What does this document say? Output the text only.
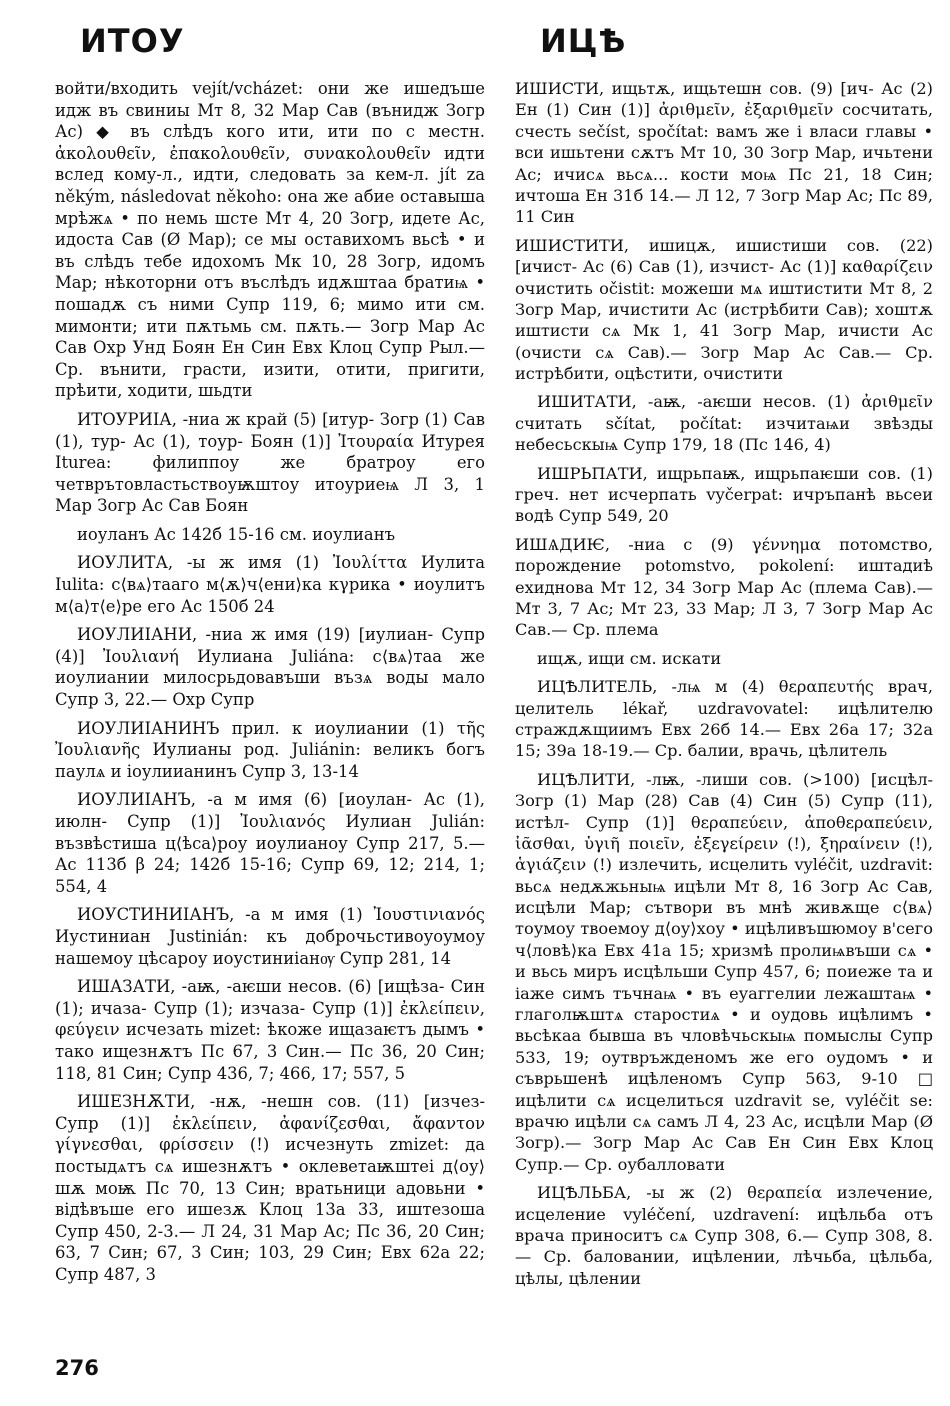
ИТОУ	ИЦѢ

войти/входить vejít/vcházet: они же ишедъше идж въ свиниы Мт 8, 32 Мар Сав (вънидж Зогр Ас) ◆ въ слѣдъ кого ити, ити по с местн. ἀκολουθεῖν, ἐπακολουθεῖν, συνακολουθεῖν идти вслед кому-л., идти, следовать за кем-л. jít za někým, následovat někoho: она же абие оставыша мрѣжѧ • по немь шсте Мт 4, 20 Зогр, идете Ас, идоста Сав (Ø Мар); се мы оставихомъ вьсѣ • и въ слѣдъ тебе идохомъ Мк 10, 28 Зогр, идомъ Мар; нѣкоторни отъ въслѣдъ идѫштаа братиѩ • пошадѫ съ ними Супр 119, 6; мимо ити см. мимонти; ити пѫтьмь см. пѫть.— Зогр Мар Ас Сав Охр Унд Боян Ен Син Евх Клоц Супр Рыл.— Ср. вънити, грасти, изити, отити, пригити, прѣити, ходити, шьдти

ИТОУРИІА, -ниа ж край (5) [итур- Зогр (1) Сав (1), тур- Ас (1), тоур- Боян (1)] Ἰτουραία Итурея Iturea: филиппоу же братроу его четврътовластьствоуѭштоу итоуриеѩ Л 3, 1 Мар Зогр Ас Сав Боян

иоуланъ Ас 142б 15-16 см. иоулианъ

ИОУЛИТА, -ы ж имя (1) Ἰουλίττα Иулита Iulita: с⟨вѧ⟩тааго м⟨ѫ⟩ч⟨ени⟩ка кγрика • иоулитъ м⟨а⟩т⟨е⟩ре его Ас 150б 24

ИОУЛИІАНИ, -ниа ж имя (19) [иулиан- Супр (4)] Ἰουλιανή Иулиана Juliána: с⟨вѧ⟩таа же иоулиании милосрьдовавъши възѧ воды мало Супр 3, 22.— Охр Супр

ИОУЛИІАНИНЪ прил. к иоулиании (1) τῆς Ἰουλιανῆς Иулианы род. Juliánin: великъ богъ паулѧ и іоулиианинъ Супр 3, 13-14

ИОУЛИІАНЪ, -а м имя (6) [иоулан- Ас (1), июлн- Супр (1)] Ἰουλιανός Иулиан Julián: възвѣстиша ц⟨ѣса⟩роу иоулианоу Супр 217, 5.— Ас 113б β 24; 142б 15-16; Супр 69, 12; 214, 1; 554, 4

ИОУСТИНИІАНЪ, -а м имя (1) Ἰουστινιανός Иустиниан Justinián: къ доброчьстивоуоумоу нашемоу цѣсароу иоустиниіанѹ Супр 281, 14

ИШАЗАТИ, -аѭ, -аѥши несов. (6) [ищѣза- Син (1); ичаза- Супр (1); изчаза- Супр (1)] ἐκλείπειν, φεύγειν исчезать mizet: ѣкоже ищазаѥтъ дымъ • тако ищезнѫтъ Пс 67, 3 Син.— Пс 36, 20 Син; 118, 81 Син; Супр 436, 7; 466, 17; 557, 5

ИШЕЗНѪТИ, -нѫ, -нешн сов. (11) [изчез- Супр (1)] ἐκλείπειν, ἀφανίζεσθαι, ἄφαντον γίγνεσθαι, φρίσσειν (!) исчезнуть zmizet: да постыдѧтъ сѧ ишезнѫтъ • оклеветаѭштеі д⟨оу⟩шѫ моѭ Пс 70, 13 Син; вратьници адовьни • вiдѣвъше его ишезѫ Клоц 13а 33, иштезоша Супр 450, 2-3.— Л 24, 31 Мар Ас; Пс 36, 20 Син; 63, 7 Син; 67, 3 Син; 103, 29 Син; Евх 62а 22; Супр 487, 3

ИШИСТИ, ищьтѫ, ищьтешн сов. (9) [ич- Ас (2) Ен (1) Син (1)] ἀριθμεῖν, ἐξαριθμεῖν сосчитать, счесть sečíst, spočítat: вамъ же і власи главы • вси ишьтени сѫтъ Мт 10, 30 Зогр Мар, ичьтени Ас; ичисѧ вьсѧ... кости моѩ Пс 21, 18 Син; ичтоша Ен 31б 14.— Л 12, 7 Зогр Мар Ас; Пс 89, 11 Син

ИШИСТИТИ, ишицѫ, ишистиши сов. (22) [ичист- Ас (6) Сав (1), изчист- Ас (1)] καθαρίζειν очистить očistit: можеши мѧ иштистити Мт 8, 2 Зогр Мар, ичистити Ас (истрѣбити Сав); хоштѫ иштисти сѧ Мк 1, 41 Зогр Мар, ичисти Ас (очисти сѧ Сав).— Зогр Мар Ас Сав.— Ср. истрѣбити, оцѣстити, очистити

ИШИТАТИ, -аѭ, -аѥши несов. (1) ἀριθμεῖν считать sčítat, počítat: изчитаѩи звѣзды небесьскыѩ Супр 179, 18 (Пс 146, 4)

ИШРЬПАТИ, ищрьпаѭ, ищрьпаѥши сов. (1) греч. нет исчерпать vyčerpat: ичръпанѣ вьсеи водѣ Супр 549, 20

ИШѦДИѤ, -ниа с (9) γέννημα потомство, порождение potomstvo, pokolení: иштадиѣ ехиднова Мт 12, 34 Зогр Мар Ас (плема Сав).— Мт 3, 7 Ас; Мт 23, 33 Мар; Л 3, 7 Зогр Мар Ас Сав.— Ср. плема

ищѫ, ищи см. искати

ИЦѢЛИТЕЛЬ, -лѩ м (4) θεραπευτής врач, целитель lékař, uzdravovatel: ицѣлителю страждѫщиимъ Евх 26б 14.— Евх 26а 17; 32а 15; 39а 18-19.— Ср. балии, врачь, цѣлитель

ИЦѢЛИТИ, -лѭ, -лиши сов. (>100) [исцѣл- Зогр (1) Мар (28) Сав (4) Син (5) Супр (11), истѣл- Супр (1)] θεραπεύειν, ἀποθεραπεύειν, ἰᾶσθαι, ὑγιῆ ποιεῖν, ἐξεγείρειν (!), ξηραίνειν (!), ἁγιάζειν (!) излечить, исцелить vyléčit, uzdravit: вьсѧ недѫжьныѩ ицѣли Мт 8, 16 Зогр Ас Сав, исцѣли Мар; сътвори въ мнѣ живѫще с⟨вѧ⟩тоумоу твоемоу д⟨оу⟩хоу • ицѣливъшюмоу в'сего ч⟨ловѣ⟩ка Евх 41а 15; хризмѣ пролиѩвъши сѧ • и вьсь миръ исцѣльши Супр 457, 6; поиеже та и іаже симъ тъчнаѩ • въ еуаггелии лежаштаѩ • глаголѭштѧ старостиѧ • и оудовь ицѣлимъ • вьсѣкаа бывша въ чловѣчьскыѩ помыслы Супр 533, 19; оутвръжденомъ же его оудомъ • и съврьшенѣ ицѣленомъ Супр 563, 9-10 □ ицѣлити сѧ исцелиться uzdravit se, vyléčit se: врачю ицѣли сѧ самъ Л 4, 23 Ас, исцѣли Мар (Ø Зогр).— Зогр Мар Ас Сав Ен Син Евх Клоц Супр.— Ср. оубалловати

ИЦѢЛЬБА, -ы ж (2) θεραπεία излечение, исцеление vyléčení, uzdravení: ицѣльба отъ врача приноситъ сѧ Супр 308, 6.— Супр 308, 8.— Ср. баловании, ицѣлении, лѣчьба, цѣльба, цѣлы, цѣлении

276
